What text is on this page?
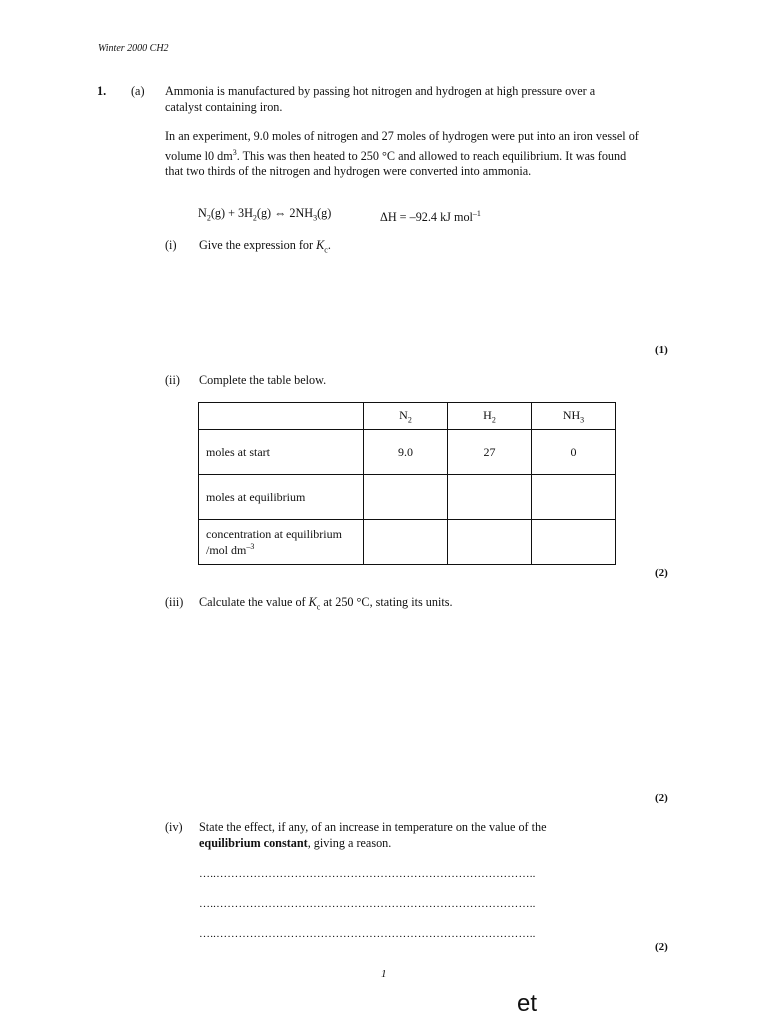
Winter 2000 CH2
1. (a) Ammonia is manufactured by passing hot nitrogen and hydrogen at high pressure over a catalyst containing iron.
In an experiment, 9.0 moles of nitrogen and 27 moles of hydrogen were put into an iron vessel of volume l0 $dm^3$. This was then heated to 250 °C and allowed to reach equilibrium. It was found that two thirds of the nitrogen and hydrogen were converted into ammonia.
$N_2(g) + 3H_2(g)$ ⇔ $2NH_3(g)$	ΔH = –92.4 kJ mol$^{-1}$
(i) Give the expression for $K_c$.
(1)
(ii) Complete the table below.
	$N_2$	$H_2$	$NH_3$
moles at start	9.0	27	0
moles at equilibrium			
concentration at equilibrium
/mol $dm^{-3}$			
(2)
(iii) Calculate the value of $K_c$ at 250 °C, stating its units.
(2)
(iv) State the effect, if any, of an increase in temperature on the value of the
equilibrium constant, giving a reason.
…..…………………………………………………………………………..
…..…………………………………………………………………………..
…..…………………………………………………………………………..
(2)
1
et
